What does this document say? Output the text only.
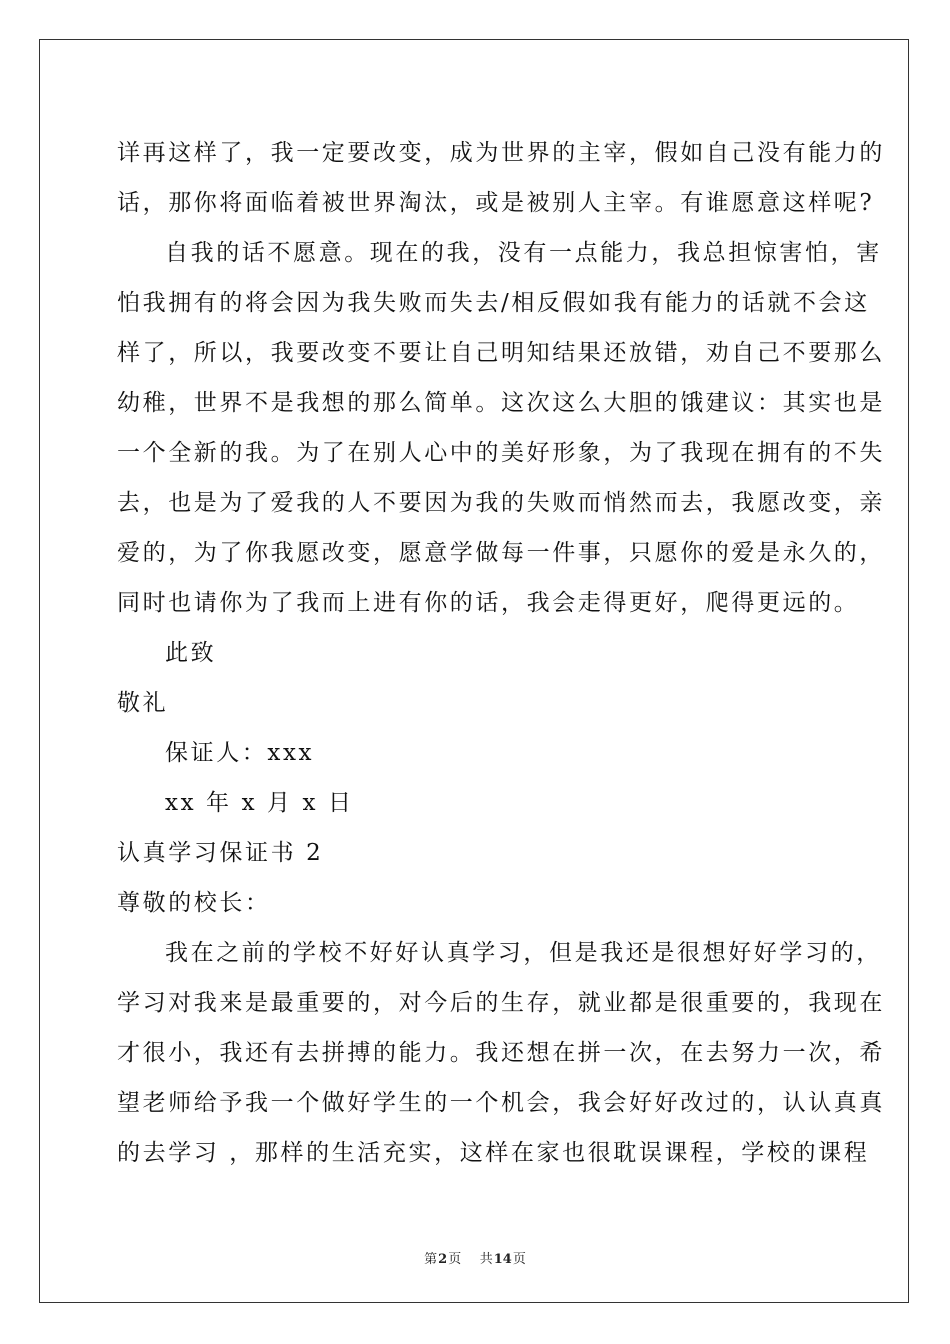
详再这样了，我一定要改变，成为世界的主宰，假如自己没有能力的
话，那你将面临着被世界淘汰，或是被别人主宰。有谁愿意这样呢?
自我的话不愿意。现在的我，没有一点能力，我总担惊害怕，害
怕我拥有的将会因为我失败而失去/相反假如我有能力的话就不会这
样了，所以，我要改变不要让自己明知结果还放错，劝自己不要那么
幼稚，世界不是我想的那么简单。这次这么大胆的饿建议：其实也是
一个全新的我。为了在别人心中的美好形象，为了我现在拥有的不失
去，也是为了爱我的人不要因为我的失败而悄然而去，我愿改变，亲
爱的，为了你我愿改变，愿意学做每一件事，只愿你的爱是永久的，
同时也请你为了我而上进有你的话，我会走得更好，爬得更远的。
此致
敬礼
保证人：xxx
xx 年 x 月 x 日
认真学习保证书 2
尊敬的校长：
我在之前的学校不好好认真学习，但是我还是很想好好学习的，
学习对我来是最重要的，对今后的生存，就业都是很重要的，我现在
才很小，我还有去拼搏的能力。我还想在拼一次，在去努力一次，希
望老师给予我一个做好学生的一个机会，我会好好改过的，认认真真
的去学习 ，那样的生活充实，这样在家也很耽误课程，学校的课程
第2页 共14页
